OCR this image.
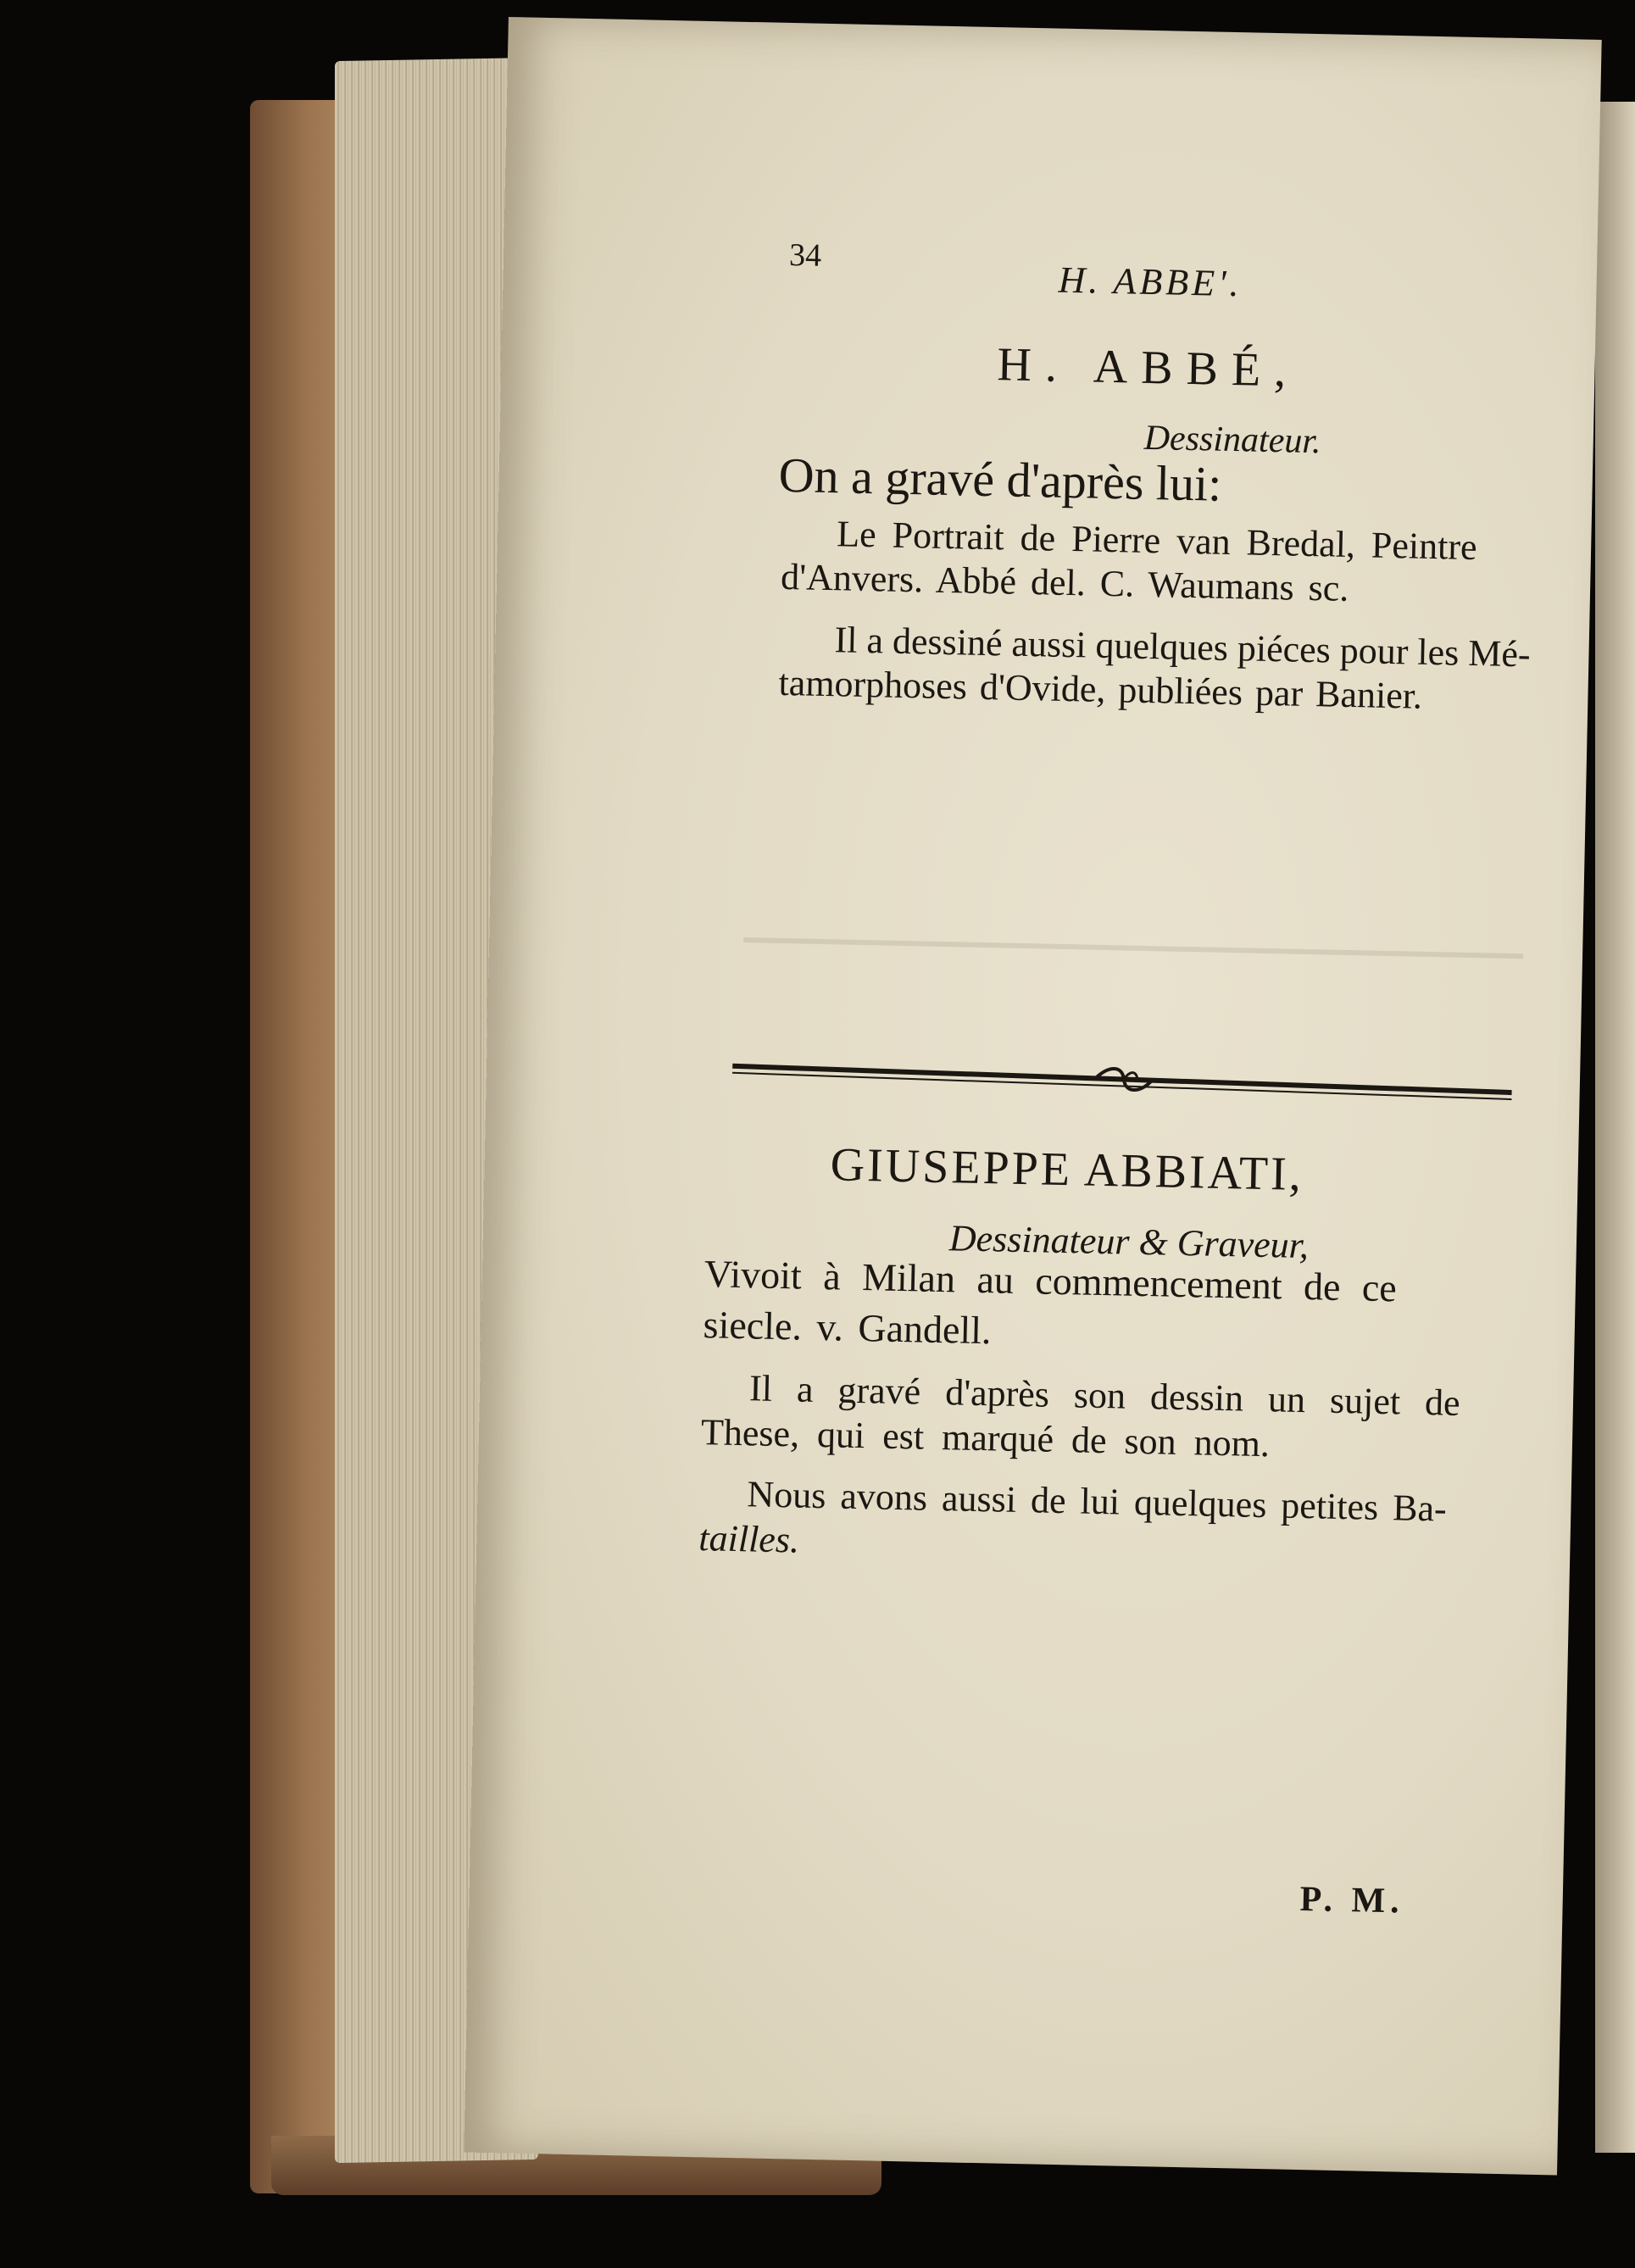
34
H. ABBE'.
H. ABBÉ,
Dessinateur.
On a gravé d'après lui:
Le Portrait de Pierre van Bredal, Peintre
d'Anvers. Abbé del. C. Waumans sc.
Il a dessiné aussi quelques piéces pour les Mé-
tamorphoses d'Ovide, publiées par Banier.
GIUSEPPE ABBIATI,
Dessinateur & Graveur,
Vivoit à Milan au commencement de ce
siecle. v. Gandell.
Il a gravé d'après son dessin un sujet de
These, qui est marqué de son nom.
Nous avons aussi de lui quelques petites Ba-
tailles.
P. M.
